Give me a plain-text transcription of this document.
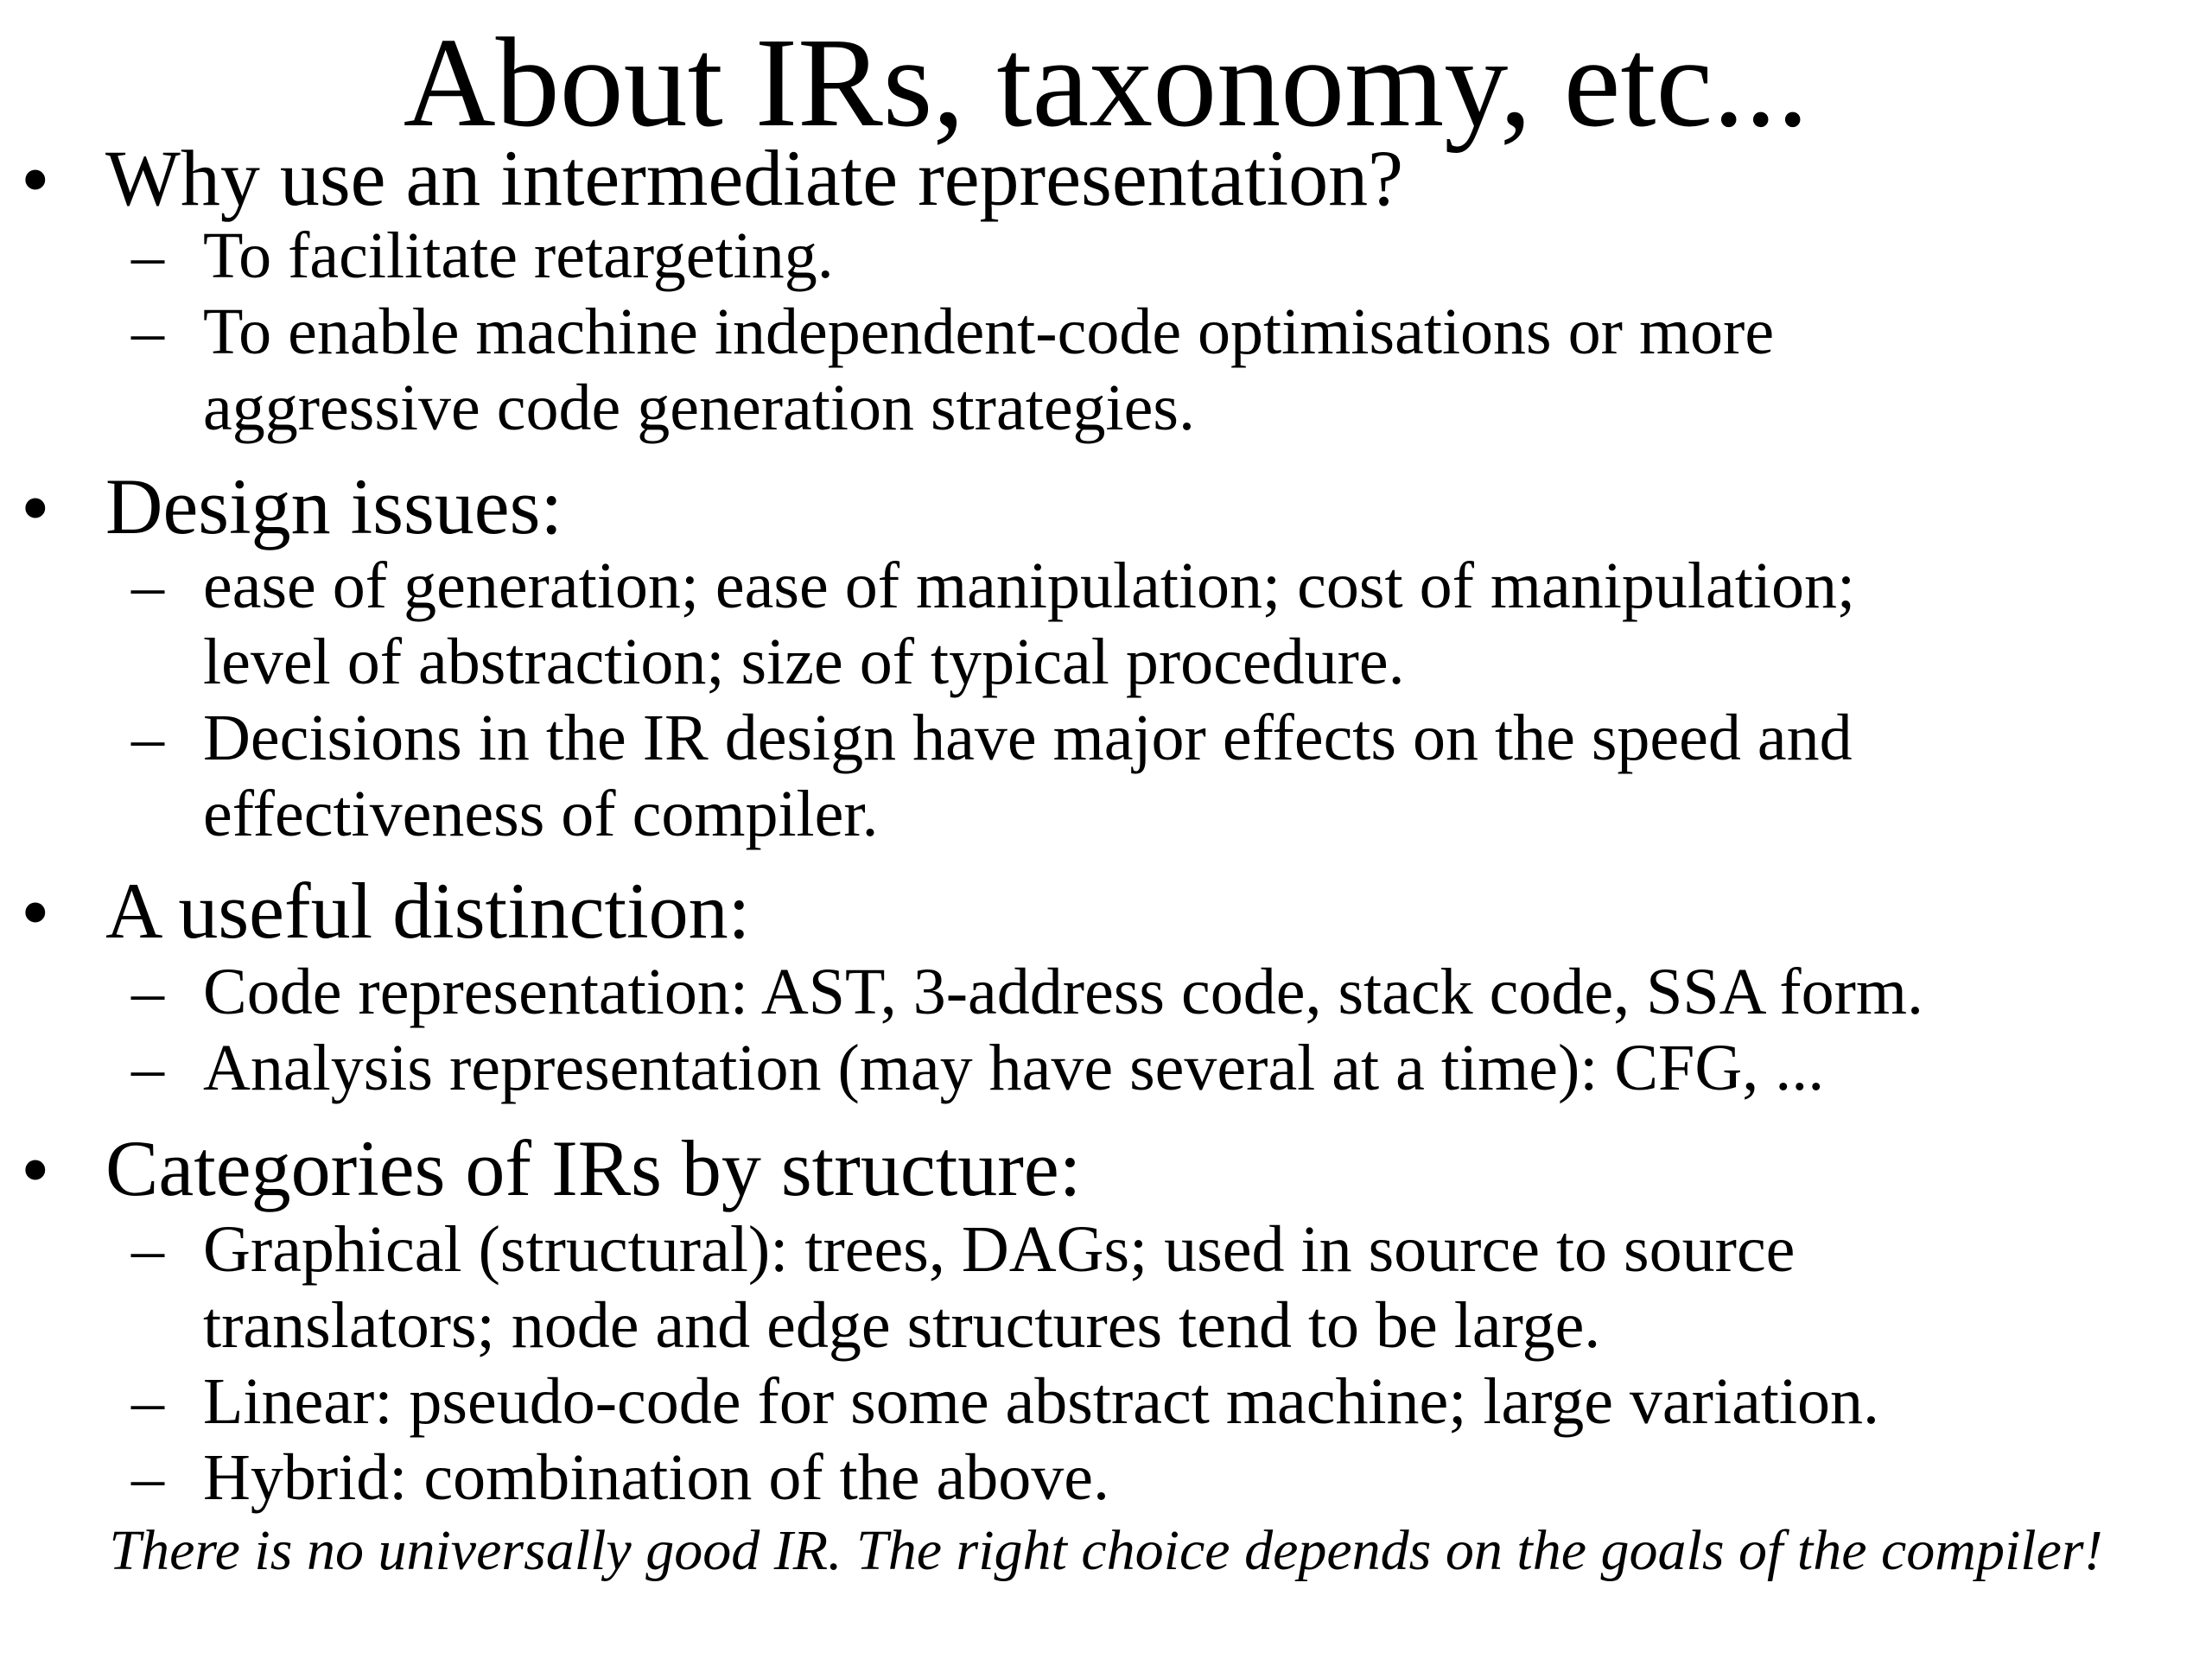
About IRs, taxonomy, etc...
• Why use an intermediate representation?
– To facilitate retargeting.
– To enable machine independent-code optimisations or more
aggressive code generation strategies.
• Design issues:
– ease of generation; ease of manipulation; cost of manipulation;
level of abstraction; size of typical procedure.
– Decisions in the IR design have major effects on the speed and
effectiveness of compiler.
• A useful distinction:
– Code representation: AST, 3-address code, stack code, SSA form.
– Analysis representation (may have several at a time): CFG, ...
• Categories of IRs by structure:
– Graphical (structural): trees, DAGs; used in source to source
translators; node and edge structures tend to be large.
– Linear: pseudo-code for some abstract machine; large variation.
– Hybrid: combination of the above.
There is no universally good IR. The right choice depends on the goals of the compiler!
